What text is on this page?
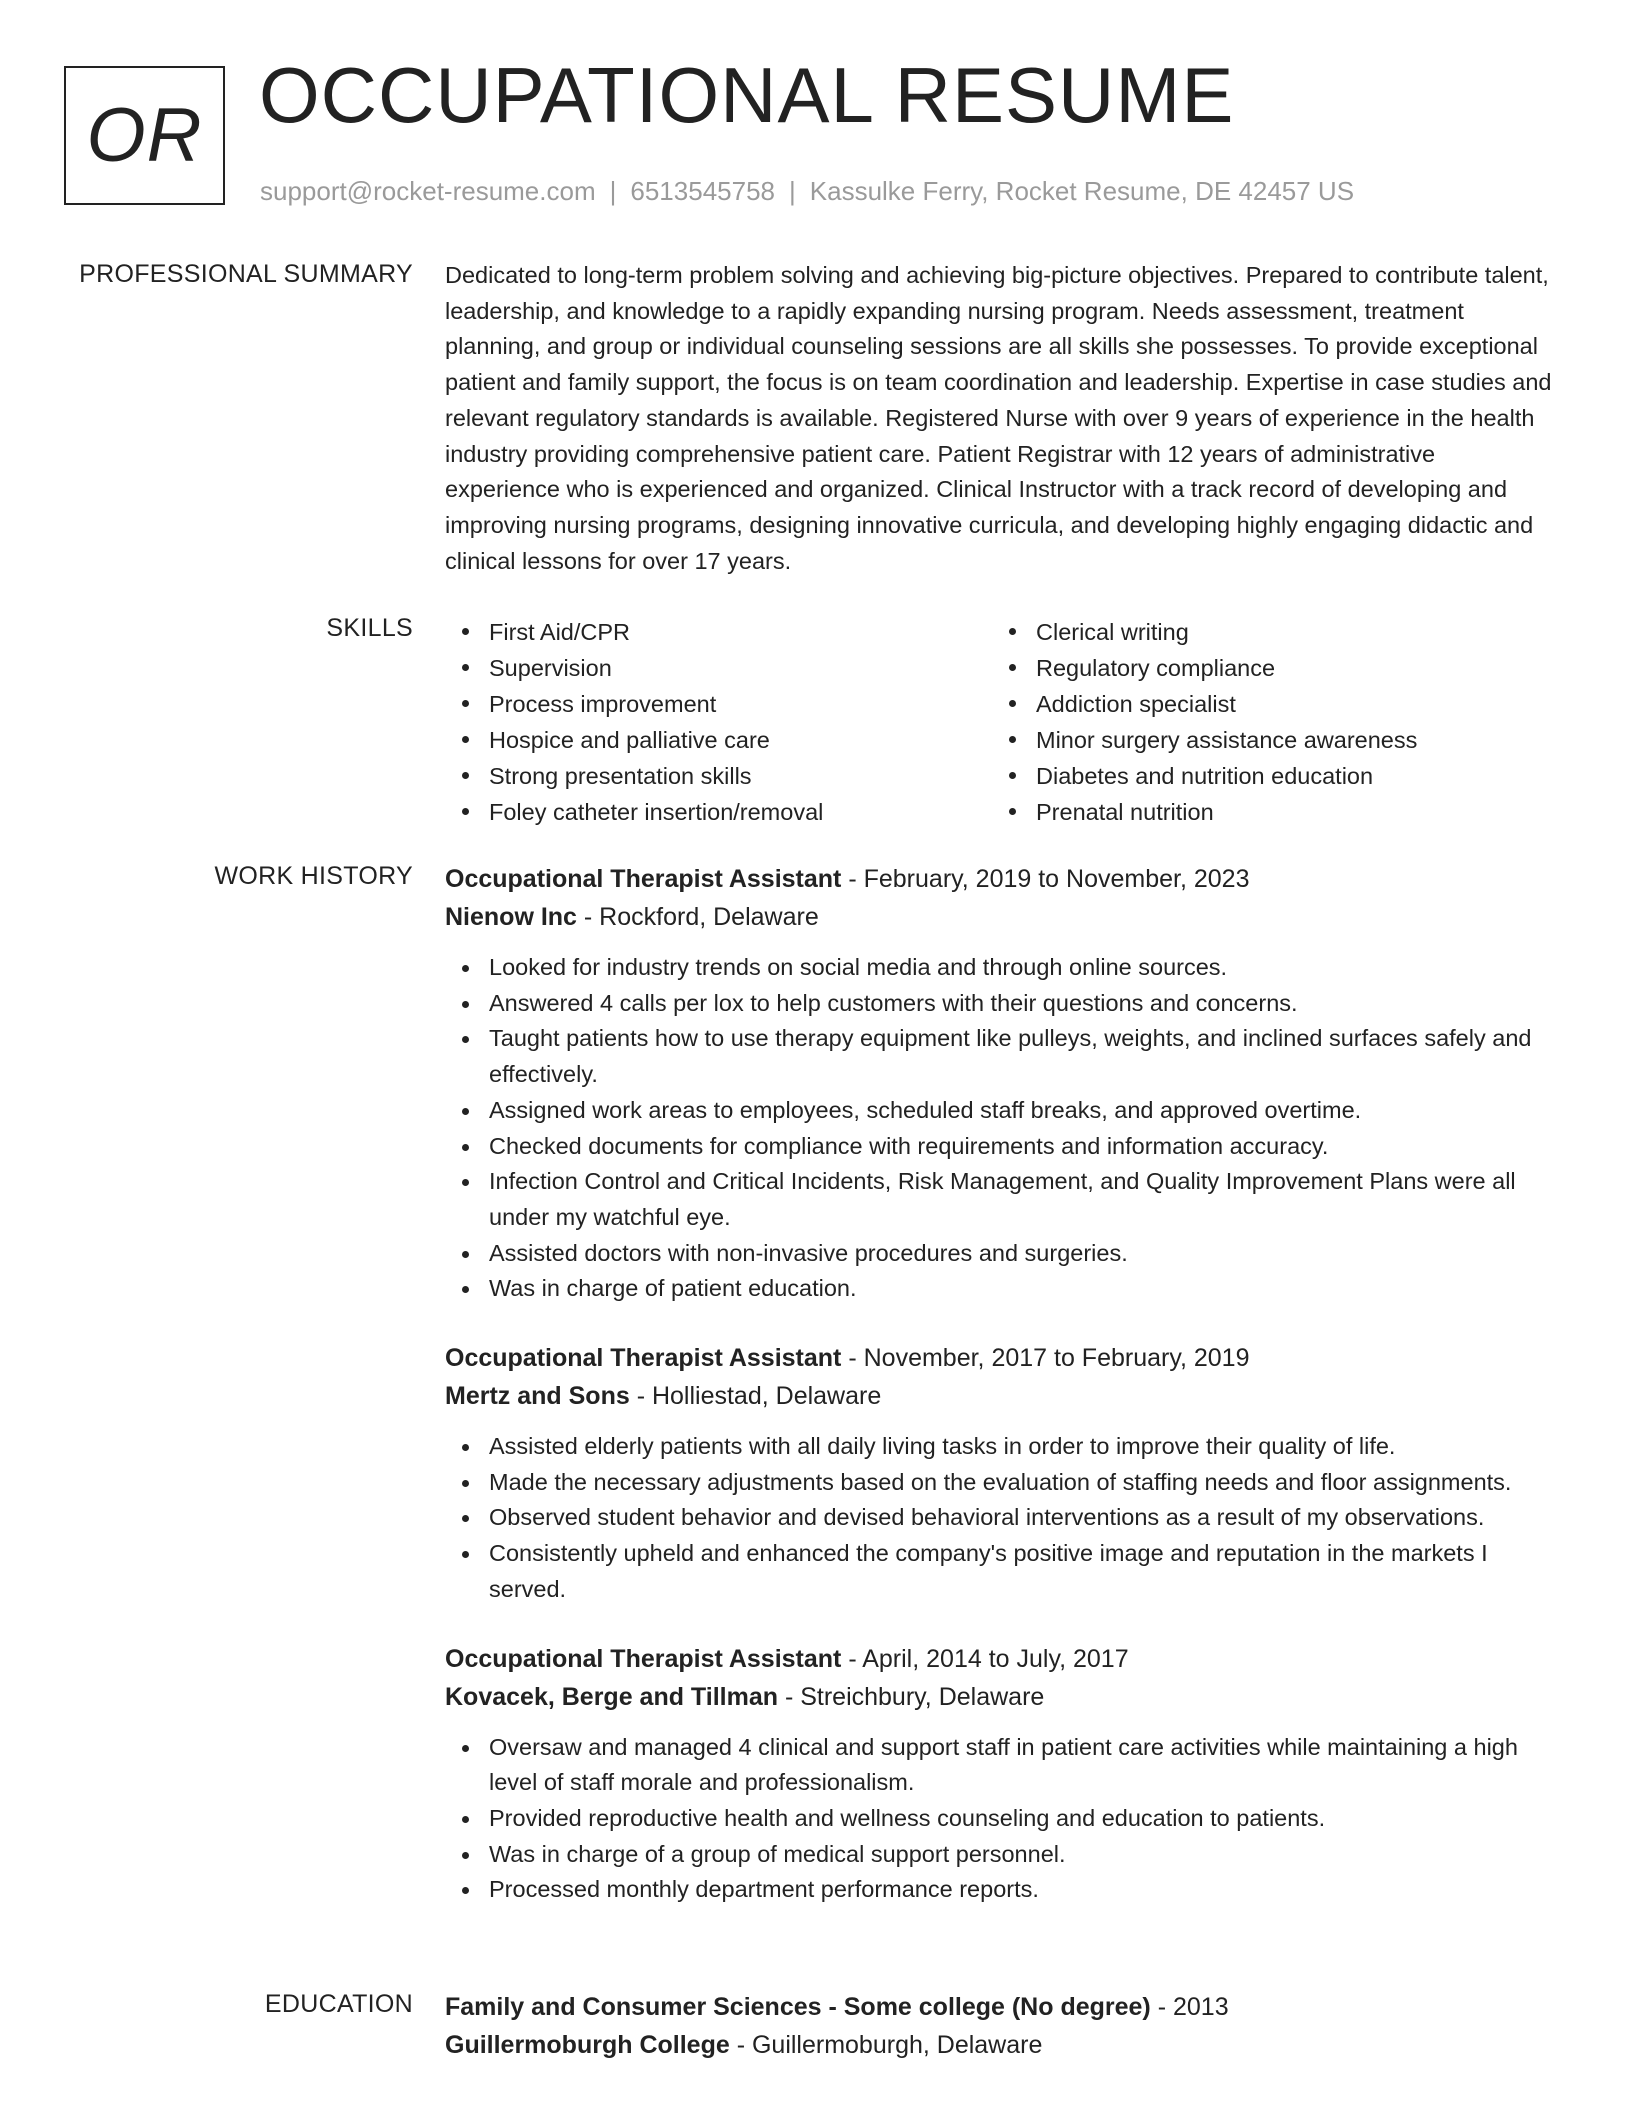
OR OCCUPATIONAL RESUME
support@rocket-resume.com | 6513545758 | Kassulke Ferry, Rocket Resume, DE 42457 US
PROFESSIONAL SUMMARY Dedicated to long-term problem solving and achieving big-picture objectives. Prepared to contribute talent, leadership, and knowledge to a rapidly expanding nursing program. Needs assessment, treatment planning, and group or individual counseling sessions are all skills she possesses. To provide exceptional patient and family support, the focus is on team coordination and leadership. Expertise in case studies and relevant regulatory standards is available. Registered Nurse with over 9 years of experience in the health industry providing comprehensive patient care. Patient Registrar with 12 years of administrative experience who is experienced and organized. Clinical Instructor with a track record of developing and improving nursing programs, designing innovative curricula, and developing highly engaging didactic and clinical lessons for over 17 years.

SKILLS	First Aid/CPR
Supervision
Process improvement
Hospice and palliative care
Strong presentation skills
Foley catheter insertion/removal
Clerical writing
Regulatory compliance
Addiction specialist
Minor surgery assistance awareness
Diabetes and nutrition education
Prenatal nutrition
WORK HISTORY Occupational Therapist Assistant - February, 2019 to November, 2023
Nienow Inc - Rockford, Delaware
Looked for industry trends on social media and through online sources.
Answered 4 calls per lox to help customers with their questions and concerns.
Taught patients how to use therapy equipment like pulleys, weights, and inclined surfaces safely and effectively.
Assigned work areas to employees, scheduled staff breaks, and approved overtime.
Checked documents for compliance with requirements and information accuracy.
Infection Control and Critical Incidents, Risk Management, and Quality Improvement Plans were all under my watchful eye.
Assisted doctors with non-invasive procedures and surgeries.
Was in charge of patient education.
Occupational Therapist Assistant - November, 2017 to February, 2019
Mertz and Sons - Holliestad, Delaware
Assisted elderly patients with all daily living tasks in order to improve their quality of life.
Made the necessary adjustments based on the evaluation of staffing needs and floor assignments.
Observed student behavior and devised behavioral interventions as a result of my observations.
Consistently upheld and enhanced the company's positive image and reputation in the markets I served.
Occupational Therapist Assistant - April, 2014 to July, 2017
Kovacek, Berge and Tillman - Streichbury, Delaware
Oversaw and managed 4 clinical and support staff in patient care activities while maintaining a high level of staff morale and professionalism.
Provided reproductive health and wellness counseling and education to patients.
Was in charge of a group of medical support personnel.
Processed monthly department performance reports.
EDUCATION Family and Consumer Sciences - Some college (No degree) - 2013
Guillermoburgh College - Guillermoburgh, Delaware
